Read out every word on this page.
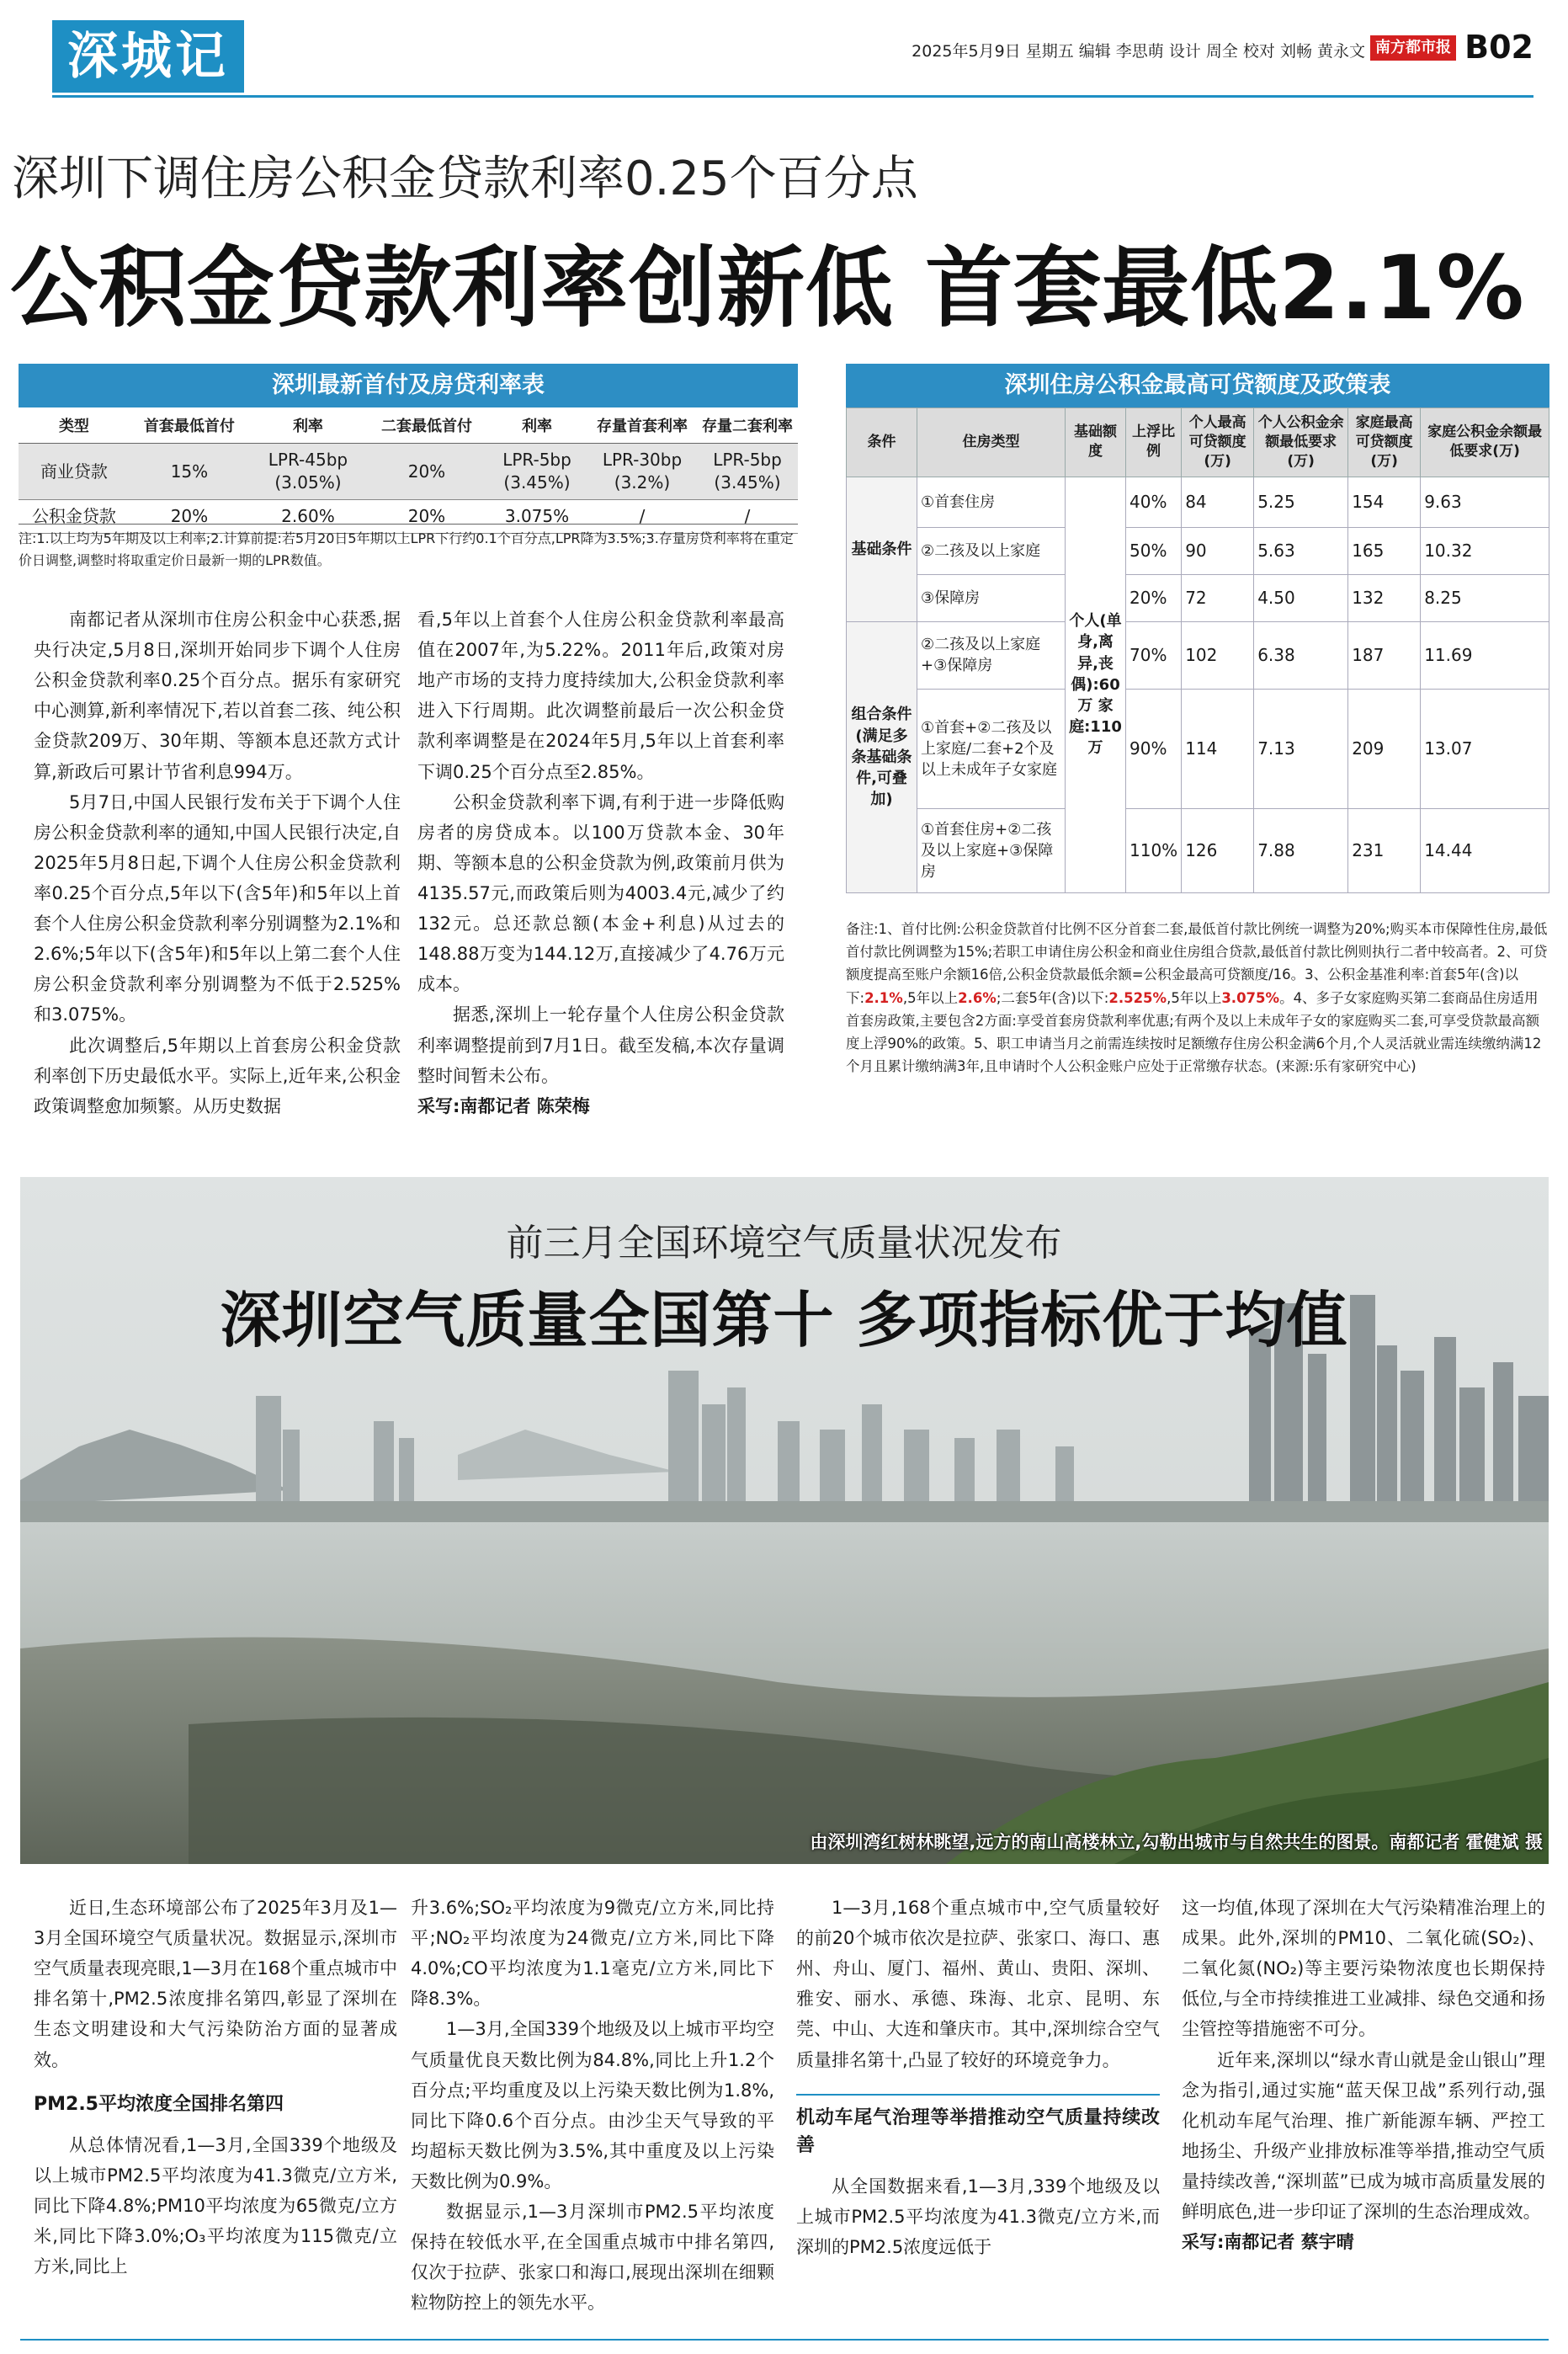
深城记	2025年5月9日 星期五 编辑 李思萌 设计 周全 校对 刘畅 黄永文 南方都市报 B02
深圳下调住房公积金贷款利率0.25个百分点
公积金贷款利率创新低 首套最低2.1%
深圳最新首付及房贷利率表
类型	首套最低首付	利率	二套最低首付	利率	存量首套利率	存量二套利率
商业贷款	15%	LPR-45bp (3.05%)	20%	LPR-5bp (3.45%)	LPR-30bp (3.2%)	LPR-5bp (3.45%)
公积金贷款	20%	2.60%	20%	3.075%	/	/
注:1.以上均为5年期及以上利率;2.计算前提:若5月20日5年期以上LPR下行约0.1个百分点,LPR降为3.5%;3.存量房贷利率将在重定价日调整,调整时将取重定价日最新一期的LPR数值。
深圳住房公积金最高可贷额度及政策表
条件	住房类型	基础额度	上浮比例	个人最高可贷额度(万)	个人公积金余额最低要求(万)	家庭最高可贷额度(万)	家庭公积金余额最低要求(万)
基础条件	①首套住房	个人(单身,离异,丧偶):60万 家庭:110万	40%	84	5.25	154	9.63
	②二孩及以上家庭		50%	90	5.63	165	10.32
	③保障房		20%	72	4.50	132	8.25
组合条件(满足多条基础条件,可叠加)	②二孩及以上家庭+③保障房		70%	102	6.38	187	11.69
	①首套+②二孩及以上家庭/二套+2个及以上未成年子女家庭		90%	114	7.13	209	13.07
	①首套住房+②二孩及以上家庭+③保障房		110%	126	7.88	231	14.44
备注:1、首付比例:公积金贷款首付比例不区分首套二套,最低首付款比例统一调整为20%;购买本市保障性住房,最低首付款比例调整为15%;若职工申请住房公积金和商业住房组合贷款,最低首付款比例则执行二者中较高者。2、可贷额度提高至账户余额16倍,公积金贷款最低余额=公积金最高可贷额度/16。3、公积金基准利率:首套5年(含)以下:2.1%,5年以上2.6%;二套5年(含)以下:2.525%,5年以上3.075%。4、多子女家庭购买第二套商品住房适用首套房政策,主要包含2方面:享受首套房贷款利率优惠;有两个及以上未成年子女的家庭购买二套,可享受贷款最高额度上浮90%的政策。5、职工申请当月之前需连续按时足额缴存住房公积金满6个月,个人灵活就业需连续缴纳满12个月且累计缴纳满3年,且申请时个人公积金账户应处于正常缴存状态。(来源:乐有家研究中心)

南都记者从深圳市住房公积金中心获悉,据央行决定,5月8日,深圳开始同步下调个人住房公积金贷款利率0.25个百分点。据乐有家研究中心测算,新利率情况下,若以首套二孩、纯公积金贷款209万、30年期、等额本息还款方式计算,新政后可累计节省利息994万。

5月7日,中国人民银行发布关于下调个人住房公积金贷款利率的通知,中国人民银行决定,自2025年5月8日起,下调个人住房公积金贷款利率0.25个百分点,5年以下(含5年)和5年以上首套个人住房公积金贷款利率分别调整为2.1%和2.6%;5年以下(含5年)和5年以上第二套个人住房公积金贷款利率分别调整为不低于2.525%和3.075%。

此次调整后,5年期以上首套房公积金贷款利率创下历史最低水平。实际上,近年来,公积金政策调整愈加频繁。从历史数据

看,5年以上首套个人住房公积金贷款利率最高值在2007年,为5.22%。2011年后,政策对房地产市场的支持力度持续加大,公积金贷款利率进入下行周期。此次调整前最后一次公积金贷款利率调整是在2024年5月,5年以上首套利率下调0.25个百分点至2.85%。

公积金贷款利率下调,有利于进一步降低购房者的房贷成本。以100万贷款本金、30年期、等额本息的公积金贷款为例,政策前月供为4135.57元,而政策后则为4003.4元,减少了约132元。总还款总额(本金+利息)从过去的148.88万变为144.12万,直接减少了4.76万元成本。

据悉,深圳上一轮存量个人住房公积金贷款利率调整提前到7月1日。截至发稿,本次存量调整时间暂未公布。

采写:南都记者 陈荣梅

前三月全国环境空气质量状况发布
深圳空气质量全国第十 多项指标优于均值
由深圳湾红树林眺望,远方的南山高楼林立,勾勒出城市与自然共生的图景。南都记者 霍健斌 摄

近日,生态环境部公布了2025年3月及1—3月全国环境空气质量状况。数据显示,深圳市空气质量表现亮眼,1—3月在168个重点城市中排名第十,PM2.5浓度排名第四,彰显了深圳在生态文明建设和大气污染防治方面的显著成效。

PM2.5平均浓度全国排名第四

从总体情况看,1—3月,全国339个地级及以上城市PM2.5平均浓度为41.3微克/立方米,同比下降4.8%;PM10平均浓度为65微克/立方米,同比下降3.0%;O₃平均浓度为115微克/立方米,同比上

升3.6%;SO₂平均浓度为9微克/立方米,同比持平;NO₂平均浓度为24微克/立方米,同比下降4.0%;CO平均浓度为1.1毫克/立方米,同比下降8.3%。

1—3月,全国339个地级及以上城市平均空气质量优良天数比例为84.8%,同比上升1.2个百分点;平均重度及以上污染天数比例为1.8%,同比下降0.6个百分点。由沙尘天气导致的平均超标天数比例为3.5%,其中重度及以上污染天数比例为0.9%。

数据显示,1—3月深圳市PM2.5平均浓度保持在较低水平,在全国重点城市中排名第四,仅次于拉萨、张家口和海口,展现出深圳在细颗粒物防控上的领先水平。

1—3月,168个重点城市中,空气质量较好的前20个城市依次是拉萨、张家口、海口、惠州、舟山、厦门、福州、黄山、贵阳、深圳、雅安、丽水、承德、珠海、北京、昆明、东莞、中山、大连和肇庆市。其中,深圳综合空气质量排名第十,凸显了较好的环境竞争力。

机动车尾气治理等举措推动空气质量持续改善

从全国数据来看,1—3月,339个地级及以上城市PM2.5平均浓度为41.3微克/立方米,而深圳的PM2.5浓度远低于

这一均值,体现了深圳在大气污染精准治理上的成果。此外,深圳的PM10、二氧化硫(SO₂)、二氧化氮(NO₂)等主要污染物浓度也长期保持低位,与全市持续推进工业减排、绿色交通和扬尘管控等措施密不可分。

近年来,深圳以“绿水青山就是金山银山”理念为指引,通过实施“蓝天保卫战”系列行动,强化机动车尾气治理、推广新能源车辆、严控工地扬尘、升级产业排放标准等举措,推动空气质量持续改善,“深圳蓝”已成为城市高质量发展的鲜明底色,进一步印证了深圳的生态治理成效。

采写:南都记者 蔡宇晴
